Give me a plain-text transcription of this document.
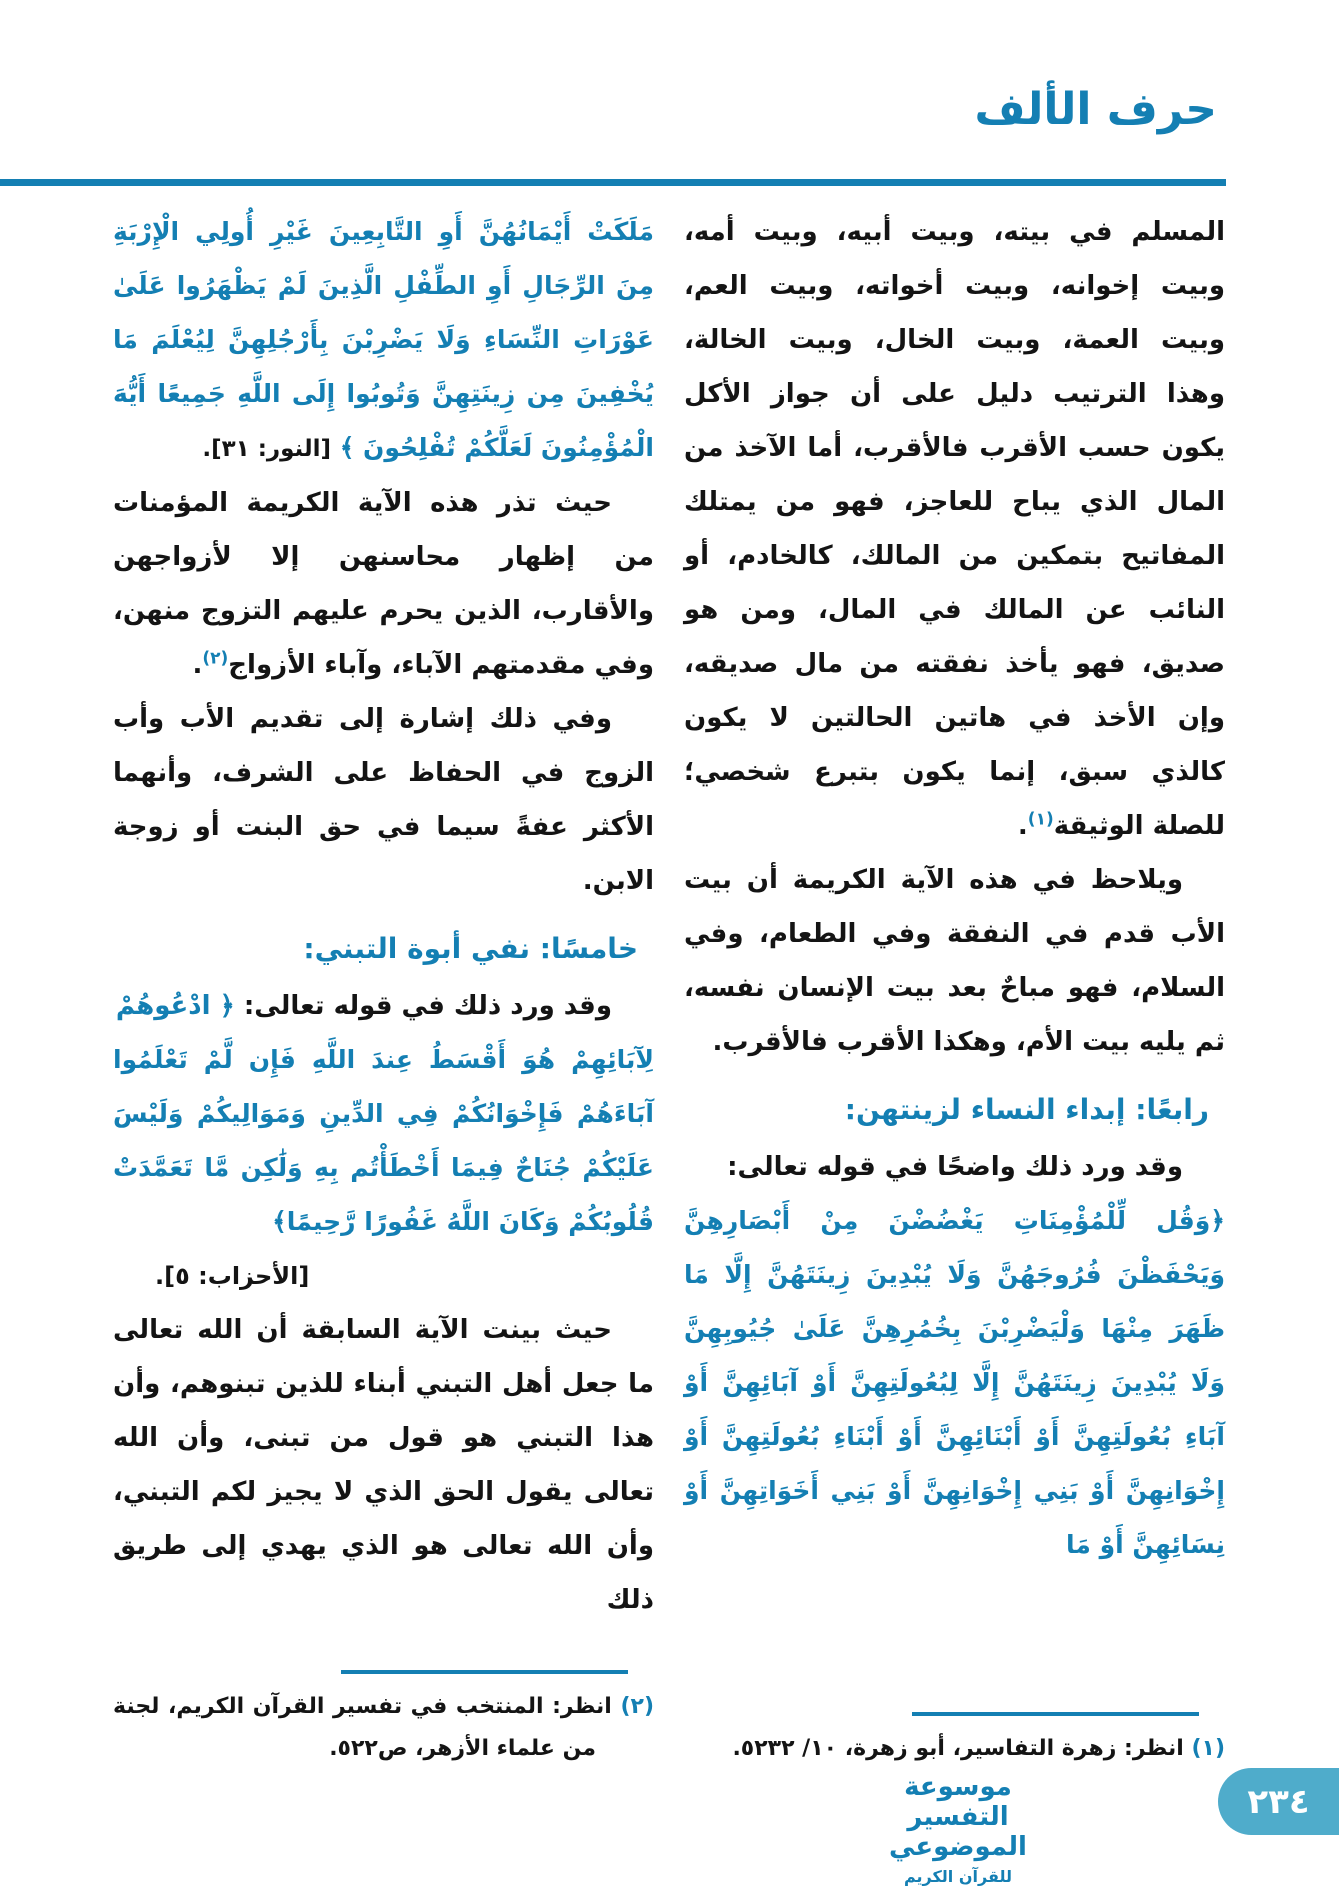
حرف الألف

المسلم في بيته، وبيت أبيه، وبيت أمه، وبيت إخوانه، وبيت أخواته، وبيت العم، وبيت العمة، وبيت الخال، وبيت الخالة، وهذا الترتيب دليل على أن جواز الأكل يكون حسب الأقرب فالأقرب، أما الآخذ من المال الذي يباح للعاجز، فهو من يمتلك المفاتيح بتمكين من المالك، كالخادم، أو النائب عن المالك في المال، ومن هو صديق، فهو يأخذ نفقته من مال صديقه، وإن الأخذ في هاتين الحالتين لا يكون كالذي سبق، إنما يكون بتبرع شخصي؛ للصلة الوثيقة$^{(١)}$.

ويلاحظ في هذه الآية الكريمة أن بيت الأب قدم في النفقة وفي الطعام، وفي السلام، فهو مباحٌ بعد بيت الإنسان نفسه، ثم يليه بيت الأم، وهكذا الأقرب فالأقرب.

رابعًا: إبداء النساء لزينتهن:

وقد ورد ذلك واضحًا في قوله تعالى:

﴿وَقُل لِّلْمُؤْمِنَاتِ يَغْضُضْنَ مِنْ أَبْصَارِهِنَّ وَيَحْفَظْنَ فُرُوجَهُنَّ وَلَا يُبْدِينَ زِينَتَهُنَّ إِلَّا مَا ظَهَرَ مِنْهَا وَلْيَضْرِبْنَ بِخُمُرِهِنَّ عَلَىٰ جُيُوبِهِنَّ وَلَا يُبْدِينَ زِينَتَهُنَّ إِلَّا لِبُعُولَتِهِنَّ أَوْ آبَائِهِنَّ أَوْ آبَاءِ بُعُولَتِهِنَّ أَوْ أَبْنَائِهِنَّ أَوْ أَبْنَاءِ بُعُولَتِهِنَّ أَوْ إِخْوَانِهِنَّ أَوْ بَنِي إِخْوَانِهِنَّ أَوْ بَنِي أَخَوَاتِهِنَّ أَوْ نِسَائِهِنَّ أَوْ مَا

(١) انظر: زهرة التفاسير، أبو زهرة، ١٠/ ٥٢٣٢.

مَلَكَتْ أَيْمَانُهُنَّ أَوِ التَّابِعِينَ غَيْرِ أُولِي الْإِرْبَةِ مِنَ الرِّجَالِ أَوِ الطِّفْلِ الَّذِينَ لَمْ يَظْهَرُوا عَلَىٰ عَوْرَاتِ النِّسَاءِ وَلَا يَضْرِبْنَ بِأَرْجُلِهِنَّ لِيُعْلَمَ مَا يُخْفِينَ مِن زِينَتِهِنَّ وَتُوبُوا إِلَى اللَّهِ جَمِيعًا أَيُّهَ الْمُؤْمِنُونَ لَعَلَّكُمْ تُفْلِحُونَ ﴾ [النور: ٣١].

حيث تذر هذه الآية الكريمة المؤمنات من إظهار محاسنهن إلا لأزواجهن والأقارب، الذين يحرم عليهم التزوج منهن، وفي مقدمتهم الآباء، وآباء الأزواج$^{(٢)}$.

وفي ذلك إشارة إلى تقديم الأب وأب الزوج في الحفاظ على الشرف، وأنهما الأكثر عفةً سيما في حق البنت أو زوجة الابن.

خامسًا: نفي أبوة التبني:

وقد ورد ذلك في قوله تعالى: ﴿ ادْعُوهُمْ

لِآبَائِهِمْ هُوَ أَقْسَطُ عِندَ اللَّهِ فَإِن لَّمْ تَعْلَمُوا آبَاءَهُمْ فَإِخْوَانُكُمْ فِي الدِّينِ وَمَوَالِيكُمْ وَلَيْسَ عَلَيْكُمْ جُنَاحٌ فِيمَا أَخْطَأْتُم بِهِ وَلَٰكِن مَّا تَعَمَّدَتْ قُلُوبُكُمْ وَكَانَ اللَّهُ غَفُورًا رَّحِيمًا﴾

[الأحزاب: ٥].

حيث بينت الآية السابقة أن الله تعالى ما جعل أهل التبني أبناء للذين تبنوهم، وأن هذا التبني هو قول من تبنى، وأن الله تعالى يقول الحق الذي لا يجيز لكم التبني، وأن الله تعالى هو الذي يهدي إلى طريق ذلك

(٢) انظر: المنتخب في تفسير القرآن الكريم، لجنة من علماء الأزهر، ص٥٢٢.

موسوعة التفسير الموضوعي
للقرآن الكريم
٢٣٤
